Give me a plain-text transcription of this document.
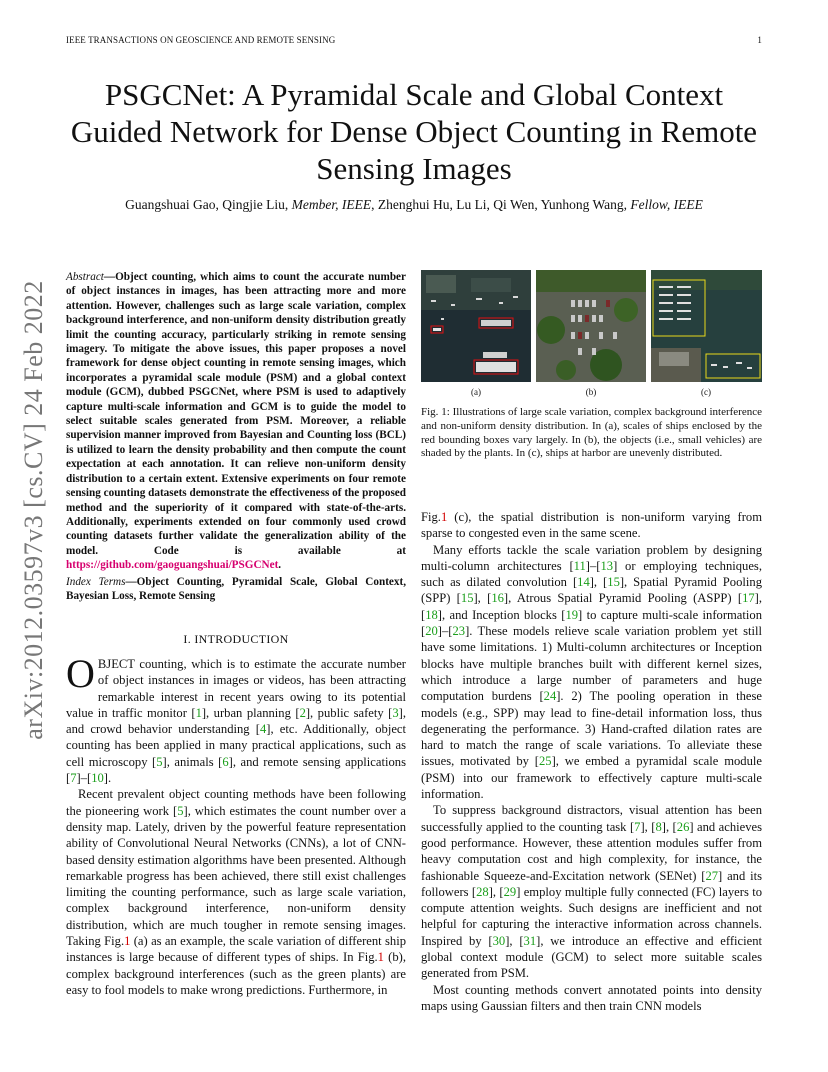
IEEE TRANSACTIONS ON GEOSCIENCE AND REMOTE SENSING	1
arXiv:2012.03597v3 [cs.CV] 24 Feb 2022
PSGCNet: A Pyramidal Scale and Global Context Guided Network for Dense Object Counting in Remote Sensing Images
Guangshuai Gao, Qingjie Liu, Member, IEEE, Zhenghui Hu, Lu Li, Qi Wen, Yunhong Wang, Fellow, IEEE
Abstract—Object counting, which aims to count the accurate number of object instances in images, has been attracting more and more attention. However, challenges such as large scale variation, complex background interference, and non-uniform density distribution greatly limit the counting accuracy, particularly striking in remote sensing imagery. To mitigate the above issues, this paper proposes a novel framework for dense object counting in remote sensing images, which incorporates a pyramidal scale module (PSM) and a global context module (GCM), dubbed PSGCNet, where PSM is used to adaptively capture multi-scale information and GCM is to guide the model to select suitable scales generated from PSM. Moreover, a reliable supervision manner improved from Bayesian and Counting loss (BCL) is utilized to learn the density probability and then compute the count expectation at each annotation. It can relieve non-uniform density distribution to a certain extent. Extensive experiments on four remote sensing counting datasets demonstrate the effectiveness of the proposed method and the superiority of it compared with state-of-the-arts. Additionally, experiments extended on four commonly used crowd counting datasets further validate the generalization ability of the model. Code is available at https://github.com/gaoguangshuai/PSGCNet.
Index Terms—Object Counting, Pyramidal Scale, Global Context, Bayesian Loss, Remote Sensing
I. INTRODUCTION

OBJECT counting, which is to estimate the accurate number of object instances in images or videos, has been attracting remarkable interest in recent years owing to its potential value in traffic monitor [1], urban planning [2], public safety [3], and crowd behavior understanding [4], etc. Additionally, object counting has been applied in many practical applications, such as cell microscopy [5], animals [6], and remote sensing applications [7]–[10].

Recent prevalent object counting methods have been following the pioneering work [5], which estimates the count number over a density map. Lately, driven by the powerful feature representation ability of Convolutional Neural Networks (CNNs), a lot of CNN-based density estimation algorithms have been presented. Although remarkable progress has been achieved, there still exist challenges limiting the counting performance, such as large scale variation, complex background interference, non-uniform density distribution, which are much tougher in remote sensing images. Taking Fig.1 (a) as an example, the scale variation of different ship instances is large because of different types of ships. In Fig.1 (b), complex background interferences (such as the green plants) are easy to fool models to make wrong predictions. Furthermore, in

(a)	(b)	(c)
Fig. 1: Illustrations of large scale variation, complex background interference and non-uniform density distribution. In (a), scales of ships enclosed by the red bounding boxes vary largely. In (b), the objects (i.e., small vehicles) are shaded by the plants. In (c), ships at harbor are unevenly distributed.

Fig.1 (c), the spatial distribution is non-uniform varying from sparse to congested even in the same scene.

Many efforts tackle the scale variation problem by designing multi-column architectures [11]–[13] or employing techniques, such as dilated convolution [14], [15], Spatial Pyramid Pooling (SPP) [15], [16], Atrous Spatial Pyramid Pooling (ASPP) [17], [18], and Inception blocks [19] to capture multi-scale information [20]–[23]. These models relieve scale variation problem yet still have some limitations. 1) Multi-column architectures or Inception blocks have multiple branches built with different kernel sizes, which introduce a large number of parameters and huge computation burdens [24]. 2) The pooling operation in these models (e.g., SPP) may lead to fine-detail information loss, thus degenerating the performance. 3) Hand-crafted dilation rates are hard to match the range of scale variations. To alleviate these issues, motivated by [25], we embed a pyramidal scale module (PSM) into our framework to effectively capture multi-scale information.

To suppress background distractors, visual attention has been successfully applied to the counting task [7], [8], [26] and achieves good performance. However, these attention modules suffer from heavy computation cost and high complexity, for instance, the fashionable Squeeze-and-Excitation network (SENet) [27] and its followers [28], [29] employ multiple fully connected (FC) layers to compute attention weights. Such designs are inefficient and not helpful for capturing the interactive information across channels. Inspired by [30], [31], we introduce an effective and efficient global context module (GCM) to select more suitable scales generated from PSM.

Most counting methods convert annotated points into density maps using Gaussian filters and then train CNN models
